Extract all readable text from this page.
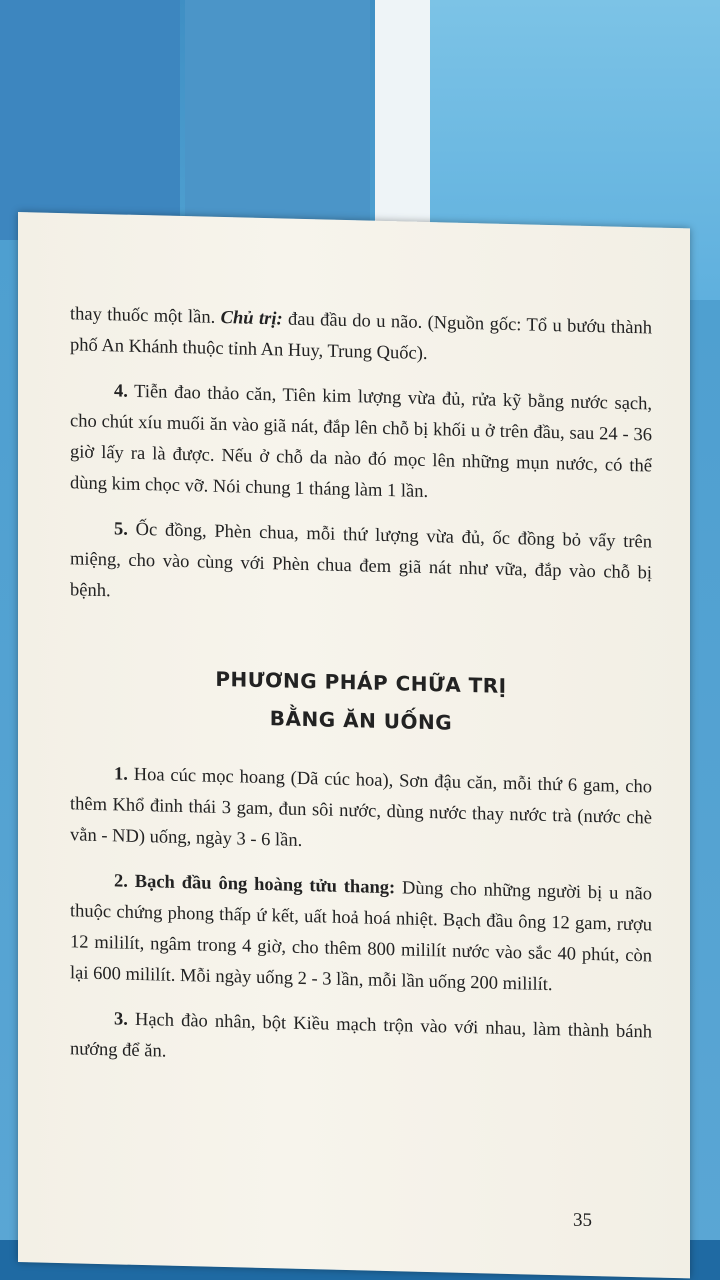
thay thuốc một lần. Chủ trị: đau đầu do u não. (Nguồn gốc: Tổ u bướu thành phố An Khánh thuộc tỉnh An Huy, Trung Quốc).

4. Tiễn đao thảo căn, Tiên kim lượng vừa đủ, rửa kỹ bằng nước sạch, cho chút xíu muối ăn vào giã nát, đắp lên chỗ bị khối u ở trên đầu, sau 24 - 36 giờ lấy ra là được. Nếu ở chỗ da nào đó mọc lên những mụn nước, có thể dùng kim chọc vỡ. Nói chung 1 tháng làm 1 lần.

5. Ốc đồng, Phèn chua, mỗi thứ lượng vừa đủ, ốc đồng bỏ vẩy trên miệng, cho vào cùng với Phèn chua đem giã nát như vữa, đắp vào chỗ bị bệnh.

PHƯƠNG PHÁP CHỮA TRỊ
BẰNG ĂN UỐNG

1. Hoa cúc mọc hoang (Dã cúc hoa), Sơn đậu căn, mỗi thứ 6 gam, cho thêm Khổ đinh thái 3 gam, đun sôi nước, dùng nước thay nước trà (nước chè vằn - ND) uống, ngày 3 - 6 lần.

2. Bạch đầu ông hoàng tửu thang: Dùng cho những người bị u não thuộc chứng phong thấp ứ kết, uất hoả hoá nhiệt. Bạch đầu ông 12 gam, rượu 12 mililít, ngâm trong 4 giờ, cho thêm 800 mililít nước vào sắc 40 phút, còn lại 600 mililít. Mỗi ngày uống 2 - 3 lần, mỗi lần uống 200 mililít.

3. Hạch đào nhân, bột Kiều mạch trộn vào với nhau, làm thành bánh nướng để ăn.

35
